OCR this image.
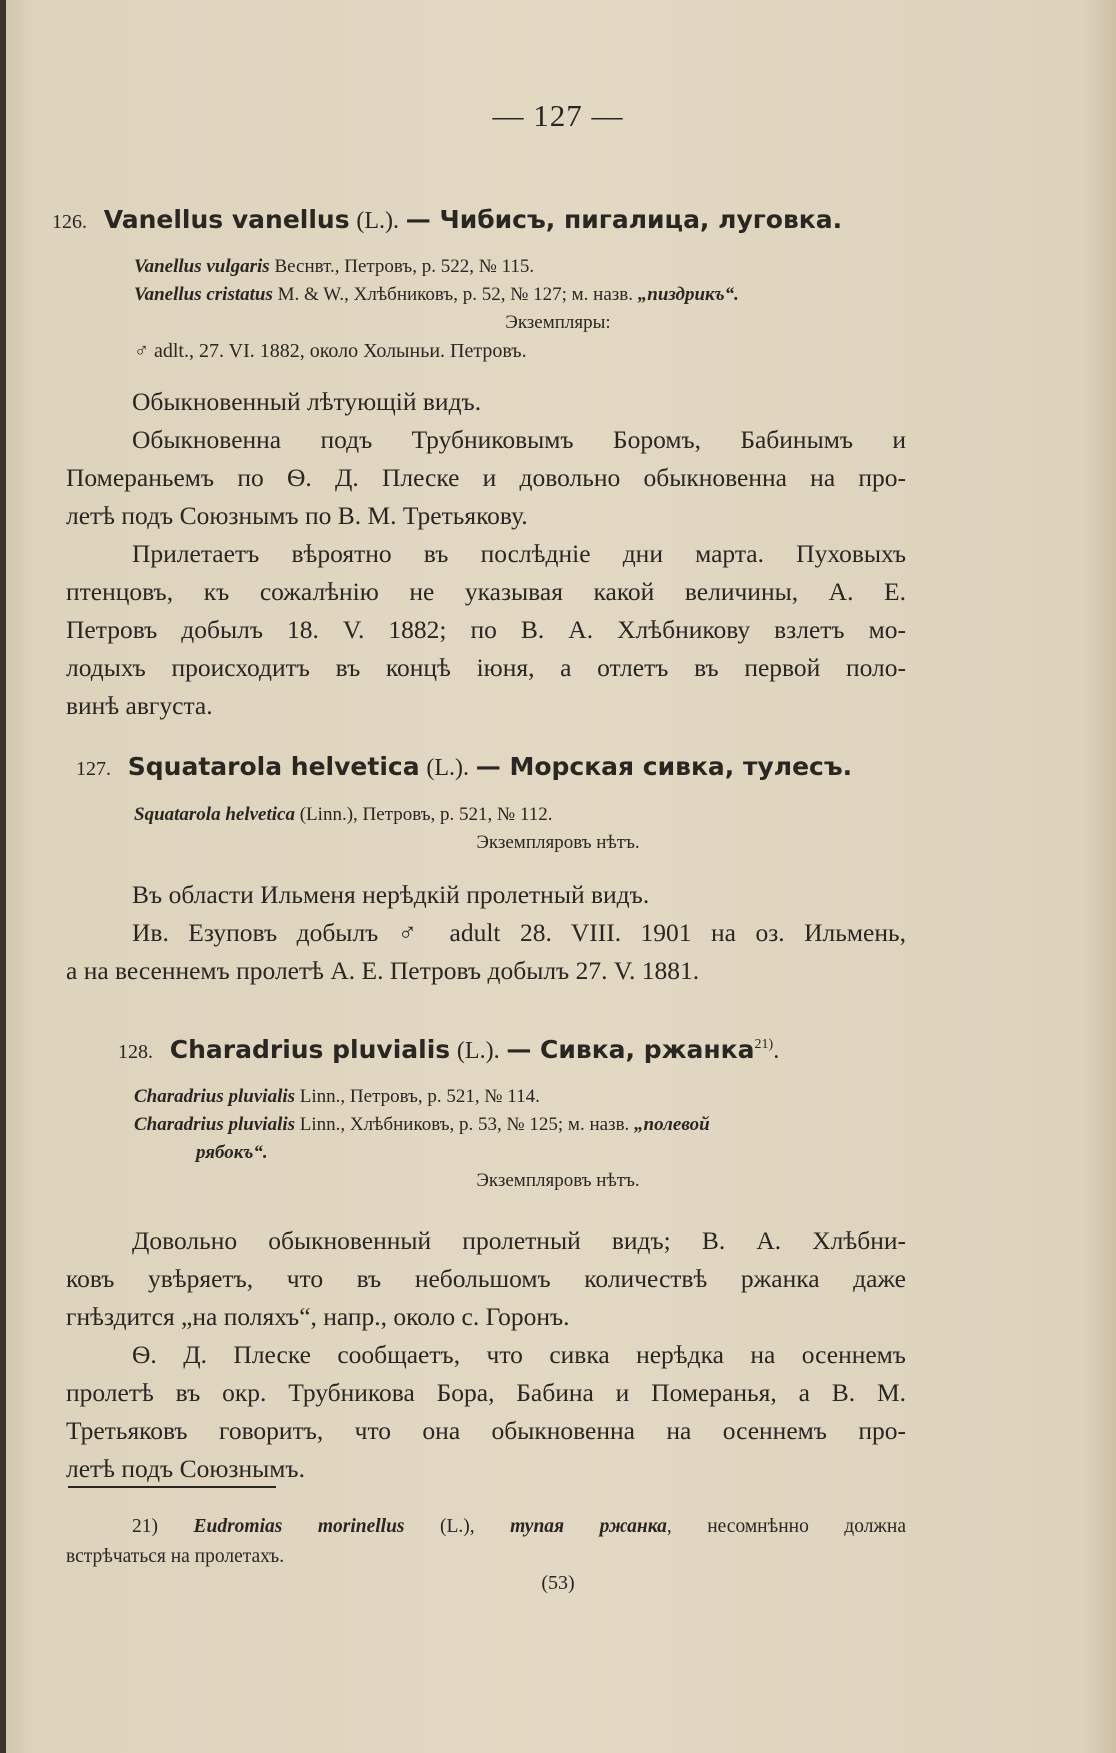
— 127 —
126. Vanellus vanellus (L.). — Чибисъ, пигалица, луговка.
Vanellus vulgaris Веснвт., Петровъ, р. 522, № 115.
Vanellus cristatus M. & W., Хлѣбниковъ, p. 52, № 127; м. назв. „пиздрикъ“.
Экземпляры:
♂ adlt., 27. VI. 1882, около Холыньи. Петровъ.

Обыкновенный лѣтующій видъ.

Обыкновенна подъ Трубниковымъ Боромъ, Бабинымъ и

Помераньемъ по Ѳ. Д. Плеске и довольно обыкновенна на про-

летѣ подъ Союзнымъ по В. М. Третьякову.

Прилетаетъ вѣроятно въ послѣдніе дни марта. Пуховыхъ

птенцовъ, къ сожалѣнію не указывая какой величины, А. Е.

Петровъ добылъ 18. V. 1882; по В. А. Хлѣбникову взлетъ мо-

лодыхъ происходитъ въ концѣ іюня, а отлетъ въ первой поло-

винѣ августа.

127. Squatarola helvetica (L.). — Морская сивка, тулесъ.
Squatarola helvetica (Linn.), Петровъ, р. 521, № 112.
Экземпляровъ нѣтъ.

Въ области Ильменя нерѣдкій пролетный видъ.

Ив. Езуповъ добылъ ♂ adult 28. VIII. 1901 на оз. Ильмень,

а на весеннемъ пролетѣ А. Е. Петровъ добылъ 27. V. 1881.

128. Charadrius pluvialis (L.). — Сивка, ржанка$^{21)}$.
Charadrius pluvialis Linn., Петровъ, р. 521, № 114.
Charadrius pluvialis Linn., Хлѣбниковъ, р. 53, № 125; м. назв. „полевой
рябокъ“.
Экземпляровъ нѣтъ.

Довольно обыкновенный пролетный видъ; В. А. Хлѣбни-

ковъ увѣряетъ, что въ небольшомъ количествѣ ржанка даже

гнѣздится „на поляхъ“, напр., около с. Горонъ.

Ѳ. Д. Плеске сообщаетъ, что сивка нерѣдка на осеннемъ

пролетѣ въ окр. Трубникова Бора, Бабина и Померанья, а В. М.

Третьяковъ говоритъ, что она обыкновенна на осеннемъ про-

летѣ подъ Союзнымъ.

21) Eudromias morinellus (L.), тупая ржанка, несомнѣнно должна

встрѣчаться на пролетахъ.

(53)
